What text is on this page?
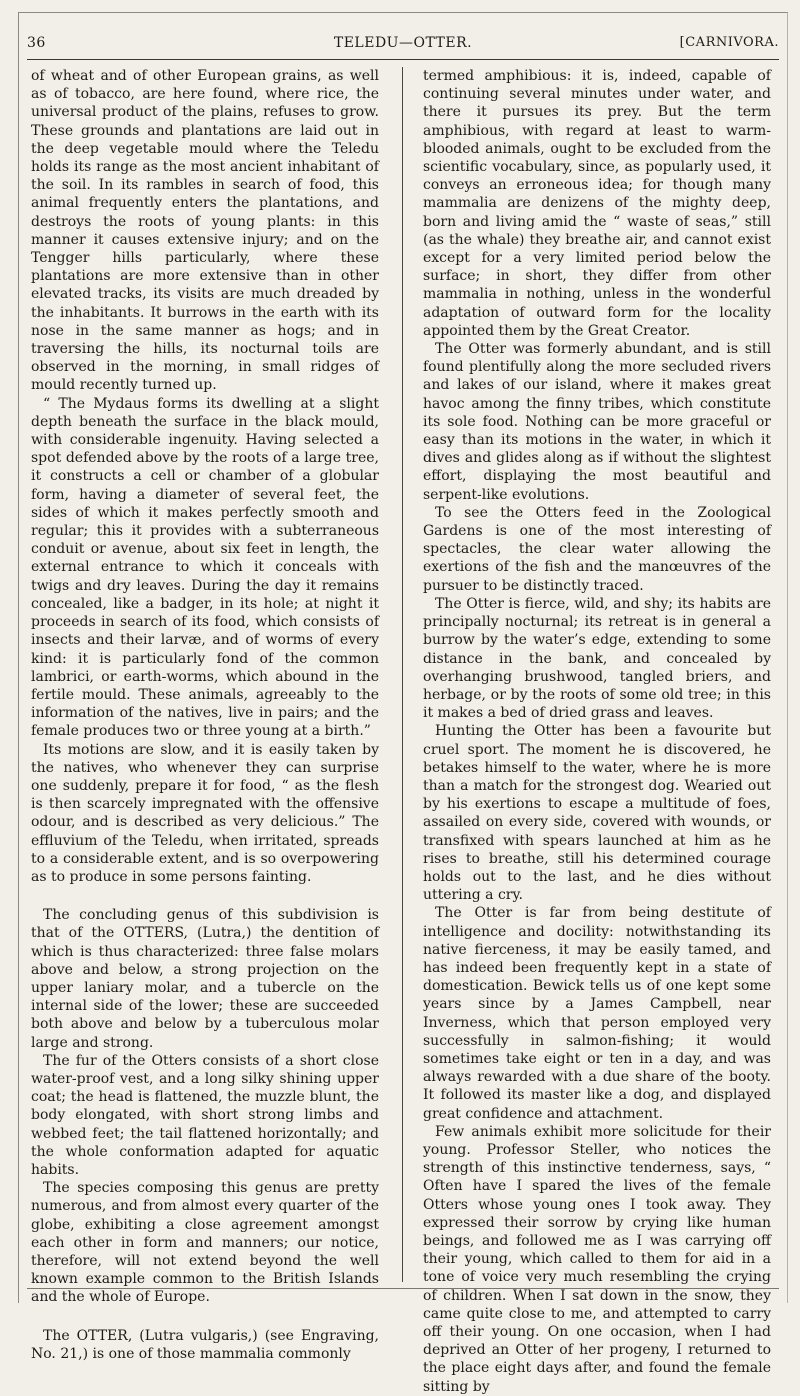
36	TELEDU—OTTER.	[CARNIVORA.

of wheat and of other European grains, as well as of tobacco, are here found, where rice, the universal product of the plains, refuses to grow. These grounds and plantations are laid out in the deep vegetable mould where the Teledu holds its range as the most ancient inhabitant of the soil. In its rambles in search of food, this animal frequently enters the plantations, and destroys the roots of young plants: in this manner it causes extensive injury; and on the Tengger hills particularly, where these plantations are more extensive than in other elevated tracks, its visits are much dreaded by the inhabitants. It burrows in the earth with its nose in the same manner as hogs; and in traversing the hills, its nocturnal toils are observed in the morning, in small ridges of mould recently turned up.

“ The Mydaus forms its dwelling at a slight depth beneath the surface in the black mould, with considerable ingenuity. Having selected a spot defended above by the roots of a large tree, it constructs a cell or chamber of a globular form, having a diameter of several feet, the sides of which it makes perfectly smooth and regular; this it provides with a subterraneous conduit or avenue, about six feet in length, the external entrance to which it conceals with twigs and dry leaves. During the day it remains concealed, like a badger, in its hole; at night it proceeds in search of its food, which consists of insects and their larvæ, and of worms of every kind: it is particularly fond of the common lambrici, or earth-worms, which abound in the fertile mould. These animals, agreeably to the information of the natives, live in pairs; and the female produces two or three young at a birth.”

Its motions are slow, and it is easily taken by the natives, who whenever they can surprise one suddenly, prepare it for food, “ as the flesh is then scarcely impregnated with the offensive odour, and is described as very delicious.” The effluvium of the Teledu, when irritated, spreads to a considerable extent, and is so overpowering as to produce in some persons fainting.

The concluding genus of this subdivision is that of the OTTERS, (Lutra,) the dentition of which is thus characterized: three false molars above and below, a strong projection on the upper laniary molar, and a tubercle on the internal side of the lower; these are succeeded both above and below by a tuberculous molar large and strong.

The fur of the Otters consists of a short close water-proof vest, and a long silky shining upper coat; the head is flattened, the muzzle blunt, the body elongated, with short strong limbs and webbed feet; the tail flattened horizontally; and the whole conformation adapted for aquatic habits.

The species composing this genus are pretty numerous, and from almost every quarter of the globe, exhibiting a close agreement amongst each other in form and manners; our notice, therefore, will not extend beyond the well known example common to the British Islands and the whole of Europe.

The OTTER, (Lutra vulgaris,) (see Engraving, No. 21,) is one of those mammalia commonly

termed amphibious: it is, indeed, capable of continuing several minutes under water, and there it pursues its prey. But the term amphibious, with regard at least to warm-blooded animals, ought to be excluded from the scientific vocabulary, since, as popularly used, it conveys an erroneous idea; for though many mammalia are denizens of the mighty deep, born and living amid the “ waste of seas,” still (as the whale) they breathe air, and cannot exist except for a very limited period below the surface; in short, they differ from other mammalia in nothing, unless in the wonderful adaptation of outward form for the locality appointed them by the Great Creator.

The Otter was formerly abundant, and is still found plentifully along the more secluded rivers and lakes of our island, where it makes great havoc among the finny tribes, which constitute its sole food. Nothing can be more graceful or easy than its motions in the water, in which it dives and glides along as if without the slightest effort, displaying the most beautiful and serpent-like evolutions.

To see the Otters feed in the Zoological Gardens is one of the most interesting of spectacles, the clear water allowing the exertions of the fish and the manœuvres of the pursuer to be distinctly traced.

The Otter is fierce, wild, and shy; its habits are principally nocturnal; its retreat is in general a burrow by the water’s edge, extending to some distance in the bank, and concealed by overhanging brushwood, tangled briers, and herbage, or by the roots of some old tree; in this it makes a bed of dried grass and leaves.

Hunting the Otter has been a favourite but cruel sport. The moment he is discovered, he betakes himself to the water, where he is more than a match for the strongest dog. Wearied out by his exertions to escape a multitude of foes, assailed on every side, covered with wounds, or transfixed with spears launched at him as he rises to breathe, still his determined courage holds out to the last, and he dies without uttering a cry.

The Otter is far from being destitute of intelligence and docility: notwithstanding its native fierceness, it may be easily tamed, and has indeed been frequently kept in a state of domestication. Bewick tells us of one kept some years since by a James Campbell, near Inverness, which that person employed very successfully in salmon-fishing; it would sometimes take eight or ten in a day, and was always rewarded with a due share of the booty. It followed its master like a dog, and displayed great confidence and attachment.

Few animals exhibit more solicitude for their young. Professor Steller, who notices the strength of this instinctive tenderness, says, “ Often have I spared the lives of the female Otters whose young ones I took away. They expressed their sorrow by crying like human beings, and followed me as I was carrying off their young, which called to them for aid in a tone of voice very much resembling the crying of children. When I sat down in the snow, they came quite close to me, and attempted to carry off their young. On one occasion, when I had deprived an Otter of her progeny, I returned to the place eight days after, and found the female sitting by
